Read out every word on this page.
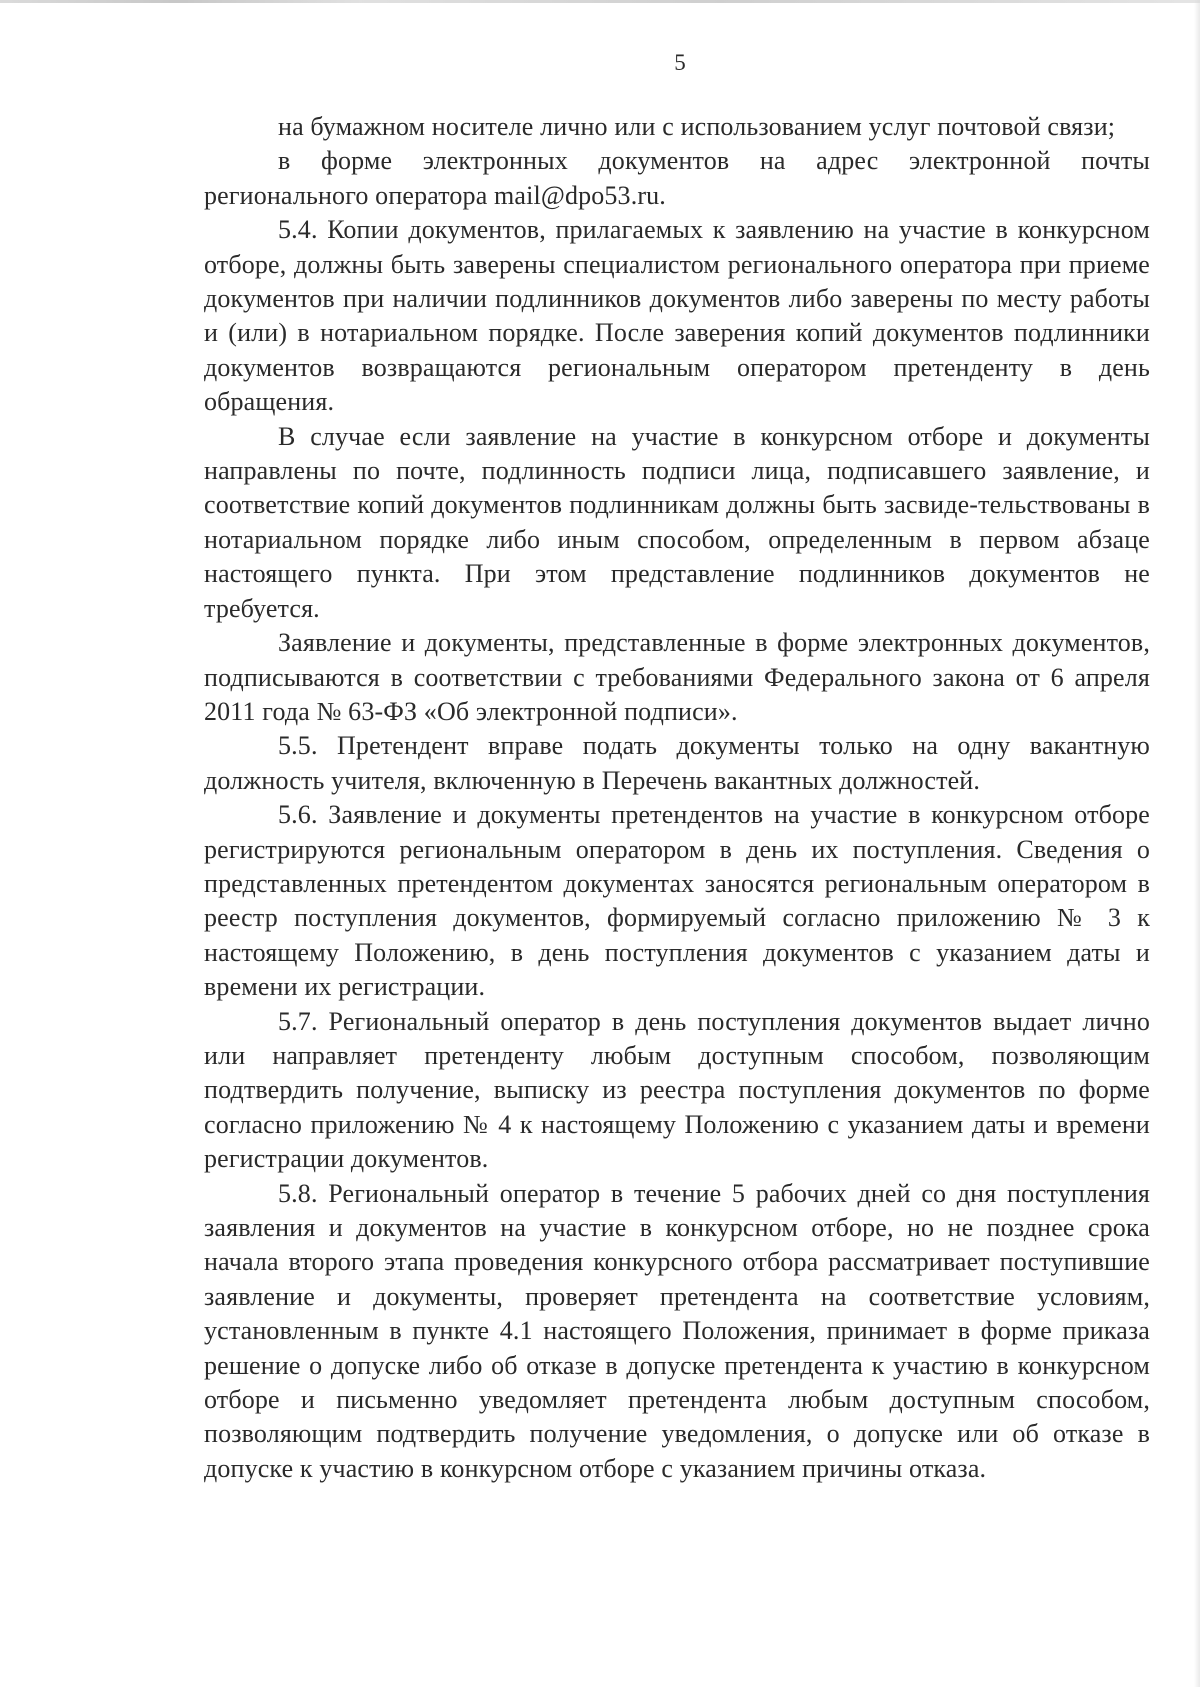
5

на бумажном носителе лично или с использованием услуг почтовой связи;

в форме электронных документов на адрес электронной почты регионального оператора mail@dpo53.ru.

5.4. Копии документов, прилагаемых к заявлению на участие в конкурсном отборе, должны быть заверены специалистом регионального оператора при приеме документов при наличии подлинников документов либо заверены по месту работы и (или) в нотариальном порядке. После заверения копий документов подлинники документов возвращаются региональным оператором претенденту в день обращения.

В случае если заявление на участие в конкурсном отборе и документы направлены по почте, подлинность подписи лица, подписавшего заявление, и соответствие копий документов подлинникам должны быть засвиде-тельствованы в нотариальном порядке либо иным способом, определенным в первом абзаце настоящего пункта. При этом представление подлинников документов не требуется.

Заявление и документы, представленные в форме электронных документов, подписываются в соответствии с требованиями Федерального закона от 6 апреля 2011 года № 63-ФЗ «Об электронной подписи».

5.5. Претендент вправе подать документы только на одну вакантную должность учителя, включенную в Перечень вакантных должностей.

5.6. Заявление и документы претендентов на участие в конкурсном отборе регистрируются региональным оператором в день их поступления. Сведения о представленных претендентом документах заносятся региональным оператором в реестр поступления документов, формируемый согласно приложению № 3 к настоящему Положению, в день поступления документов с указанием даты и времени их регистрации.

5.7. Региональный оператор в день поступления документов выдает лично или направляет претенденту любым доступным способом, позволяющим подтвердить получение, выписку из реестра поступления документов по форме согласно приложению № 4 к настоящему Положению с указанием даты и времени регистрации документов.

5.8. Региональный оператор в течение 5 рабочих дней со дня поступления заявления и документов на участие в конкурсном отборе, но не позднее срока начала второго этапа проведения конкурсного отбора рассматривает поступившие заявление и документы, проверяет претендента на соответствие условиям, установленным в пункте 4.1 настоящего Положения, принимает в форме приказа решение о допуске либо об отказе в допуске претендента к участию в конкурсном отборе и письменно уведомляет претендента любым доступным способом, позволяющим подтвердить получение уведомления, о допуске или об отказе в допуске к участию в конкурсном отборе с указанием причины отказа.
